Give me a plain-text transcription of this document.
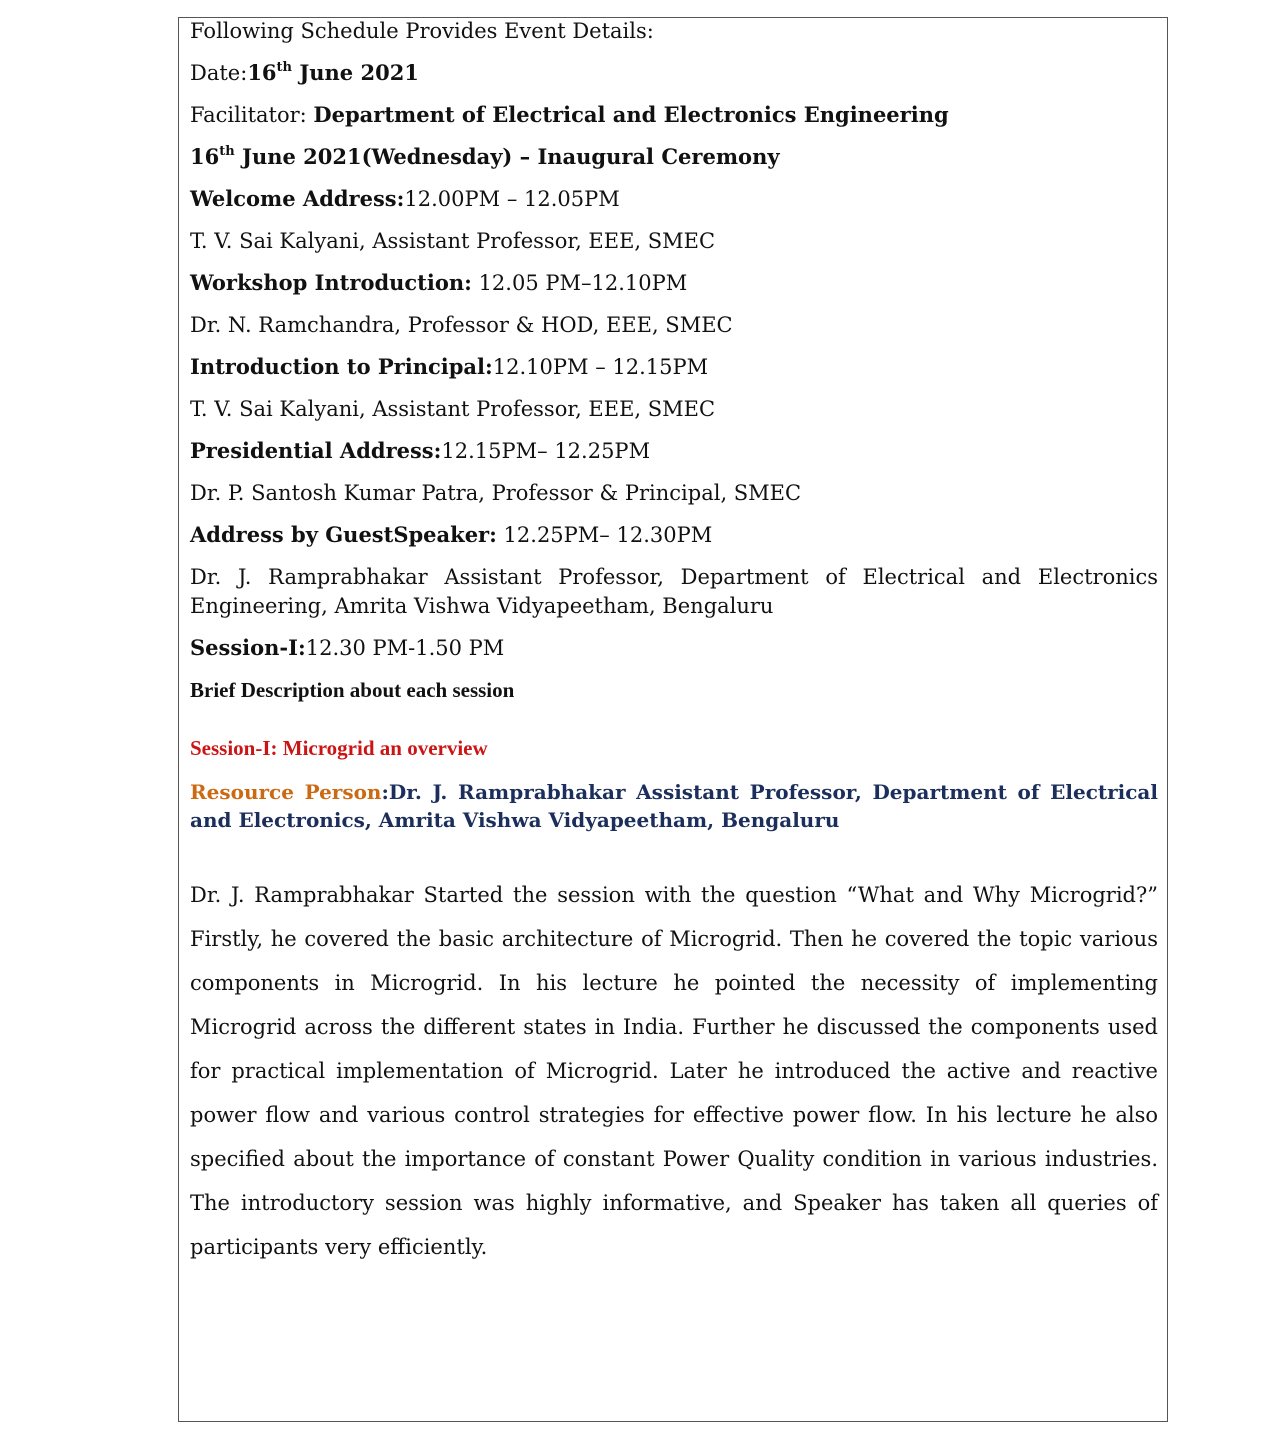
Following Schedule Provides Event Details:
Date:16th June 2021
Facilitator: Department of Electrical and Electronics Engineering
16th June 2021(Wednesday) – Inaugural Ceremony
Welcome Address:12.00PM – 12.05PM
T. V. Sai Kalyani, Assistant Professor, EEE, SMEC
Workshop Introduction: 12.05 PM–12.10PM
Dr. N. Ramchandra, Professor & HOD, EEE, SMEC
Introduction to Principal:12.10PM – 12.15PM
T. V. Sai Kalyani, Assistant Professor, EEE, SMEC
Presidential Address:12.15PM– 12.25PM
Dr. P. Santosh Kumar Patra, Professor & Principal, SMEC
Address by GuestSpeaker: 12.25PM– 12.30PM
Dr. J. Ramprabhakar Assistant Professor, Department of Electrical and Electronics Engineering, Amrita Vishwa Vidyapeetham, Bengaluru
Session-I:12.30 PM-1.50 PM
Brief Description about each session
Session-I: Microgrid an overview
Resource Person:Dr. J. Ramprabhakar Assistant Professor, Department of Electrical and Electronics, Amrita Vishwa Vidyapeetham, Bengaluru
Dr. J. Ramprabhakar Started the session with the question “What and Why Microgrid?” Firstly, he covered the basic architecture of Microgrid. Then he covered the topic various components in Microgrid. In his lecture he pointed the necessity of implementing Microgrid across the different states in India. Further he discussed the components used for practical implementation of Microgrid. Later he introduced the active and reactive power flow and various control strategies for effective power flow. In his lecture he also specified about the importance of constant Power Quality condition in various industries. The introductory session was highly informative, and Speaker has taken all queries of participants very efficiently.
